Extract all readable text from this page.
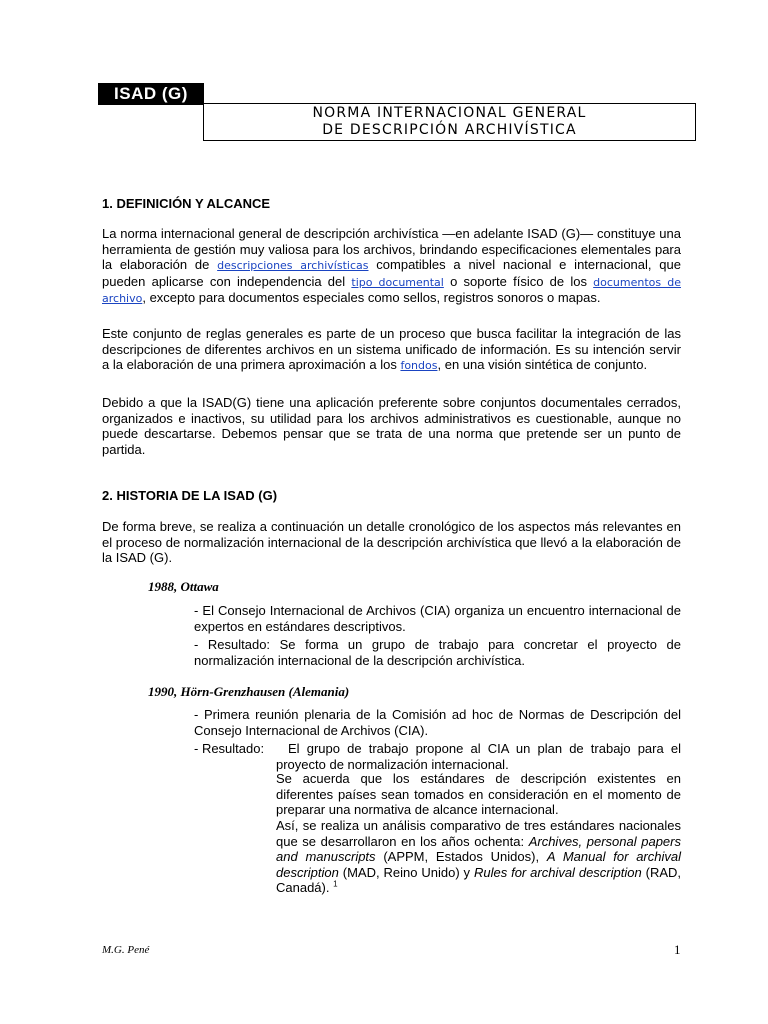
ISAD (G)
NORMA INTERNACIONAL GENERAL
DE DESCRIPCIÓN ARCHIVÍSTICA
1. DEFINICIÓN Y ALCANCE

La norma internacional general de descripción archivística —en adelante ISAD (G)— constituye una herramienta de gestión muy valiosa para los archivos, brindando especificaciones elementales para la elaboración de descripciones archivísticas compatibles a nivel nacional e internacional, que pueden aplicarse con independencia del tipo documental o soporte físico de los documentos de archivo, excepto para documentos especiales como sellos, registros sonoros o mapas.

Este conjunto de reglas generales es parte de un proceso que busca facilitar la integración de las descripciones de diferentes archivos en un sistema unificado de información. Es su intención servir a la elaboración de una primera aproximación a los fondos, en una visión sintética de conjunto.

Debido a que la ISAD(G) tiene una aplicación preferente sobre conjuntos documentales cerrados, organizados e inactivos, su utilidad para los archivos administrativos es cuestionable, aunque no puede descartarse. Debemos pensar que se trata de una norma que pretende ser un punto de partida.

2. HISTORIA DE LA ISAD (G)

De forma breve, se realiza a continuación un detalle cronológico de los aspectos más relevantes en el proceso de normalización internacional de la descripción archivística que llevó a la elaboración de la ISAD (G).

1988, Ottawa

- El Consejo Internacional de Archivos (CIA) organiza un encuentro internacional de expertos en estándares descriptivos.

- Resultado: Se forma un grupo de trabajo para concretar el proyecto de normalización internacional de la descripción archivística.

1990, Hörn-Grenzhausen (Alemania)

- Primera reunión plenaria de la Comisión ad hoc de Normas de Descripción del Consejo Internacional de Archivos (CIA).

- Resultado:	El grupo de trabajo propone al CIA un plan de trabajo para el proyecto de normalización internacional.

Se acuerda que los estándares de descripción existentes en diferentes países sean tomados en consideración en el momento de preparar una normativa de alcance internacional.

Así, se realiza un análisis comparativo de tres estándares nacionales que se desarrollaron en los años ochenta: Archives, personal papers and manuscripts (APPM, Estados Unidos), A Manual for archival description (MAD, Reino Unido) y Rules for archival description (RAD, Canadá). $^1$

M.G. Pené	1
